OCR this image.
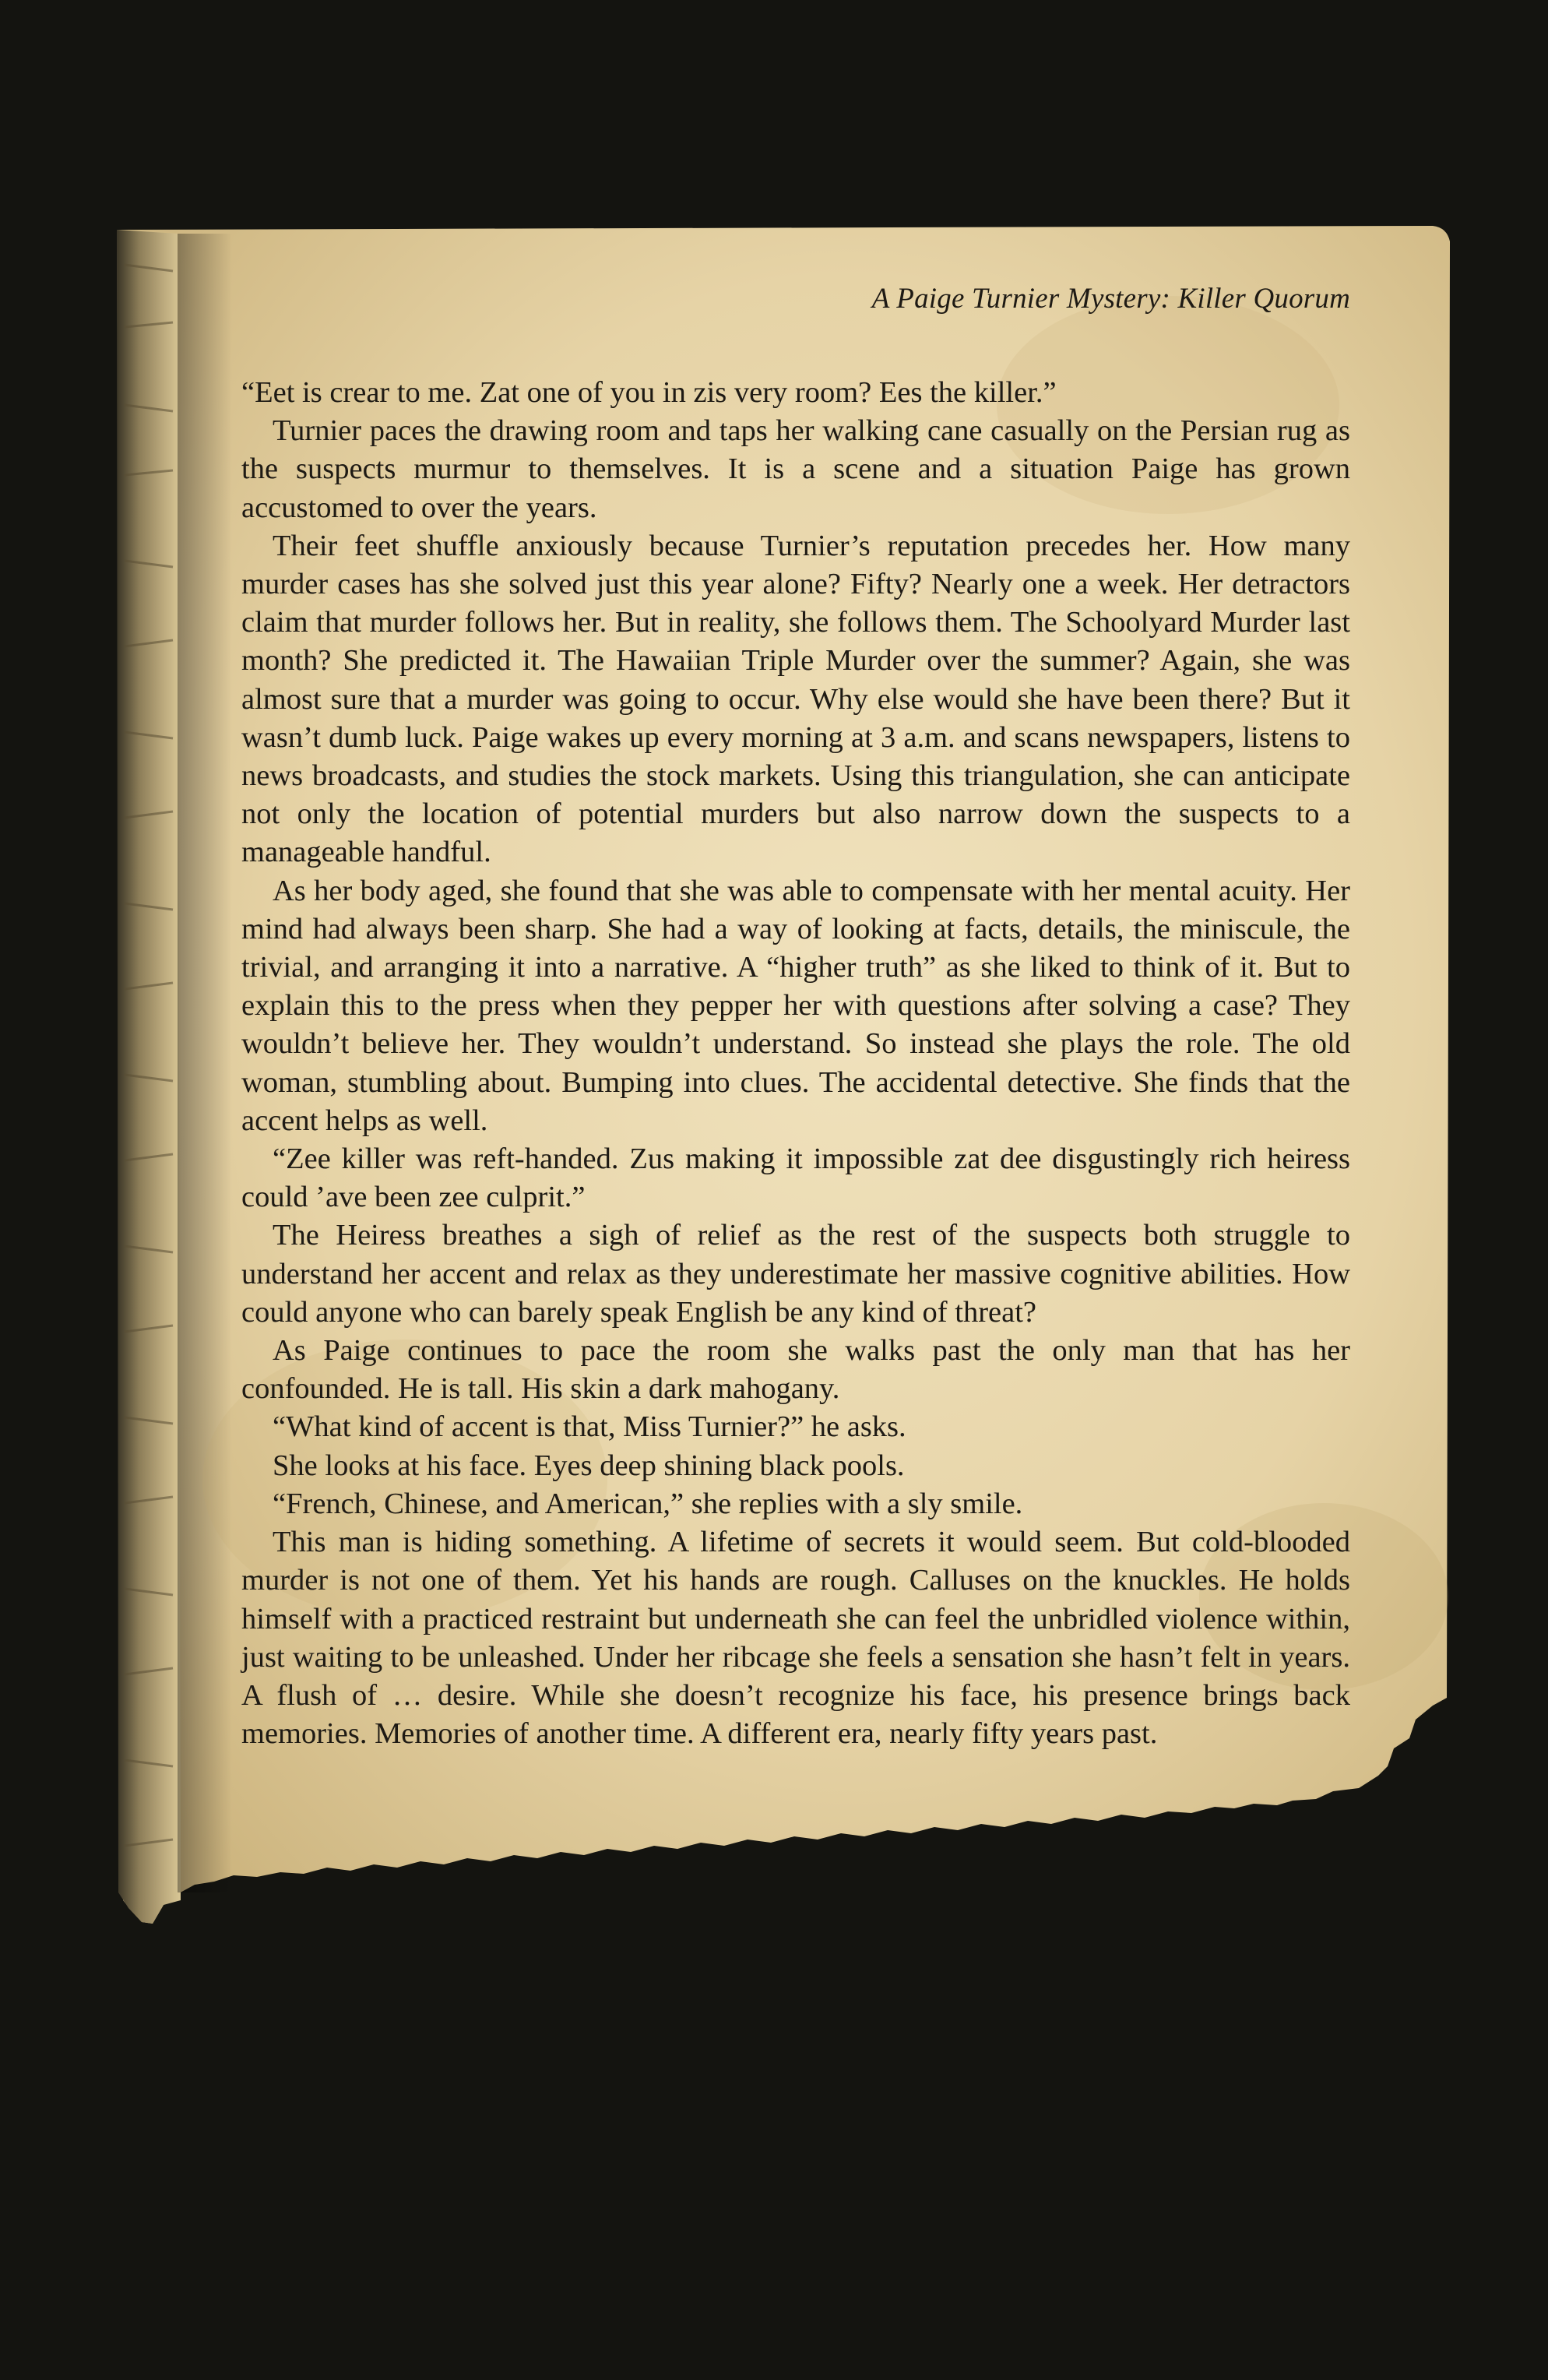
A Paige Turnier Mystery: Killer Quorum

“Eet is crear to me. Zat one of you in zis very room? Ees the killer.”

Turnier paces the drawing room and taps her walking cane casually on the Persian rug as the suspects murmur to themselves. It is a scene and a situation Paige has grown accustomed to over the years.

Their feet shuffle anxiously because Turnier’s reputation precedes her. How many murder cases has she solved just this year alone? Fifty? Nearly one a week. Her detractors claim that murder follows her. But in reality, she follows them. The Schoolyard Murder last month? She predicted it. The Hawaiian Triple Murder over the summer? Again, she was almost sure that a murder was going to occur. Why else would she have been there? But it wasn’t dumb luck. Paige wakes up every morning at 3 a.m. and scans newspapers, listens to news broadcasts, and studies the stock markets. Using this triangulation, she can anticipate not only the location of potential murders but also narrow down the suspects to a manageable handful.

As her body aged, she found that she was able to compensate with her mental acuity. Her mind had always been sharp. She had a way of looking at facts, details, the miniscule, the trivial, and arranging it into a narrative. A “higher truth” as she liked to think of it. But to explain this to the press when they pepper her with questions after solving a case? They wouldn’t believe her. They wouldn’t understand. So instead she plays the role. The old woman, stumbling about. Bumping into clues. The accidental detective. She finds that the accent helps as well.

“Zee killer was reft-handed. Zus making it impossible zat dee disgustingly rich heiress could ’ave been zee culprit.”

The Heiress breathes a sigh of relief as the rest of the suspects both struggle to understand her accent and relax as they underestimate her massive cognitive abilities. How could anyone who can barely speak English be any kind of threat?

As Paige continues to pace the room she walks past the only man that has her confounded. He is tall. His skin a dark mahogany.

“What kind of accent is that, Miss Turnier?” he asks.

She looks at his face. Eyes deep shining black pools.

“French, Chinese, and American,” she replies with a sly smile.

This man is hiding something. A lifetime of secrets it would seem. But cold-blooded murder is not one of them. Yet his hands are rough. Calluses on the knuckles. He holds himself with a practiced restraint but underneath she can feel the unbridled violence within, just waiting to be unleashed. Under her ribcage she feels a sensation she hasn’t felt in years. A flush of … desire. While she doesn’t recognize his face, his presence brings back memories. Memories of another time. A different era, nearly fifty years past.
